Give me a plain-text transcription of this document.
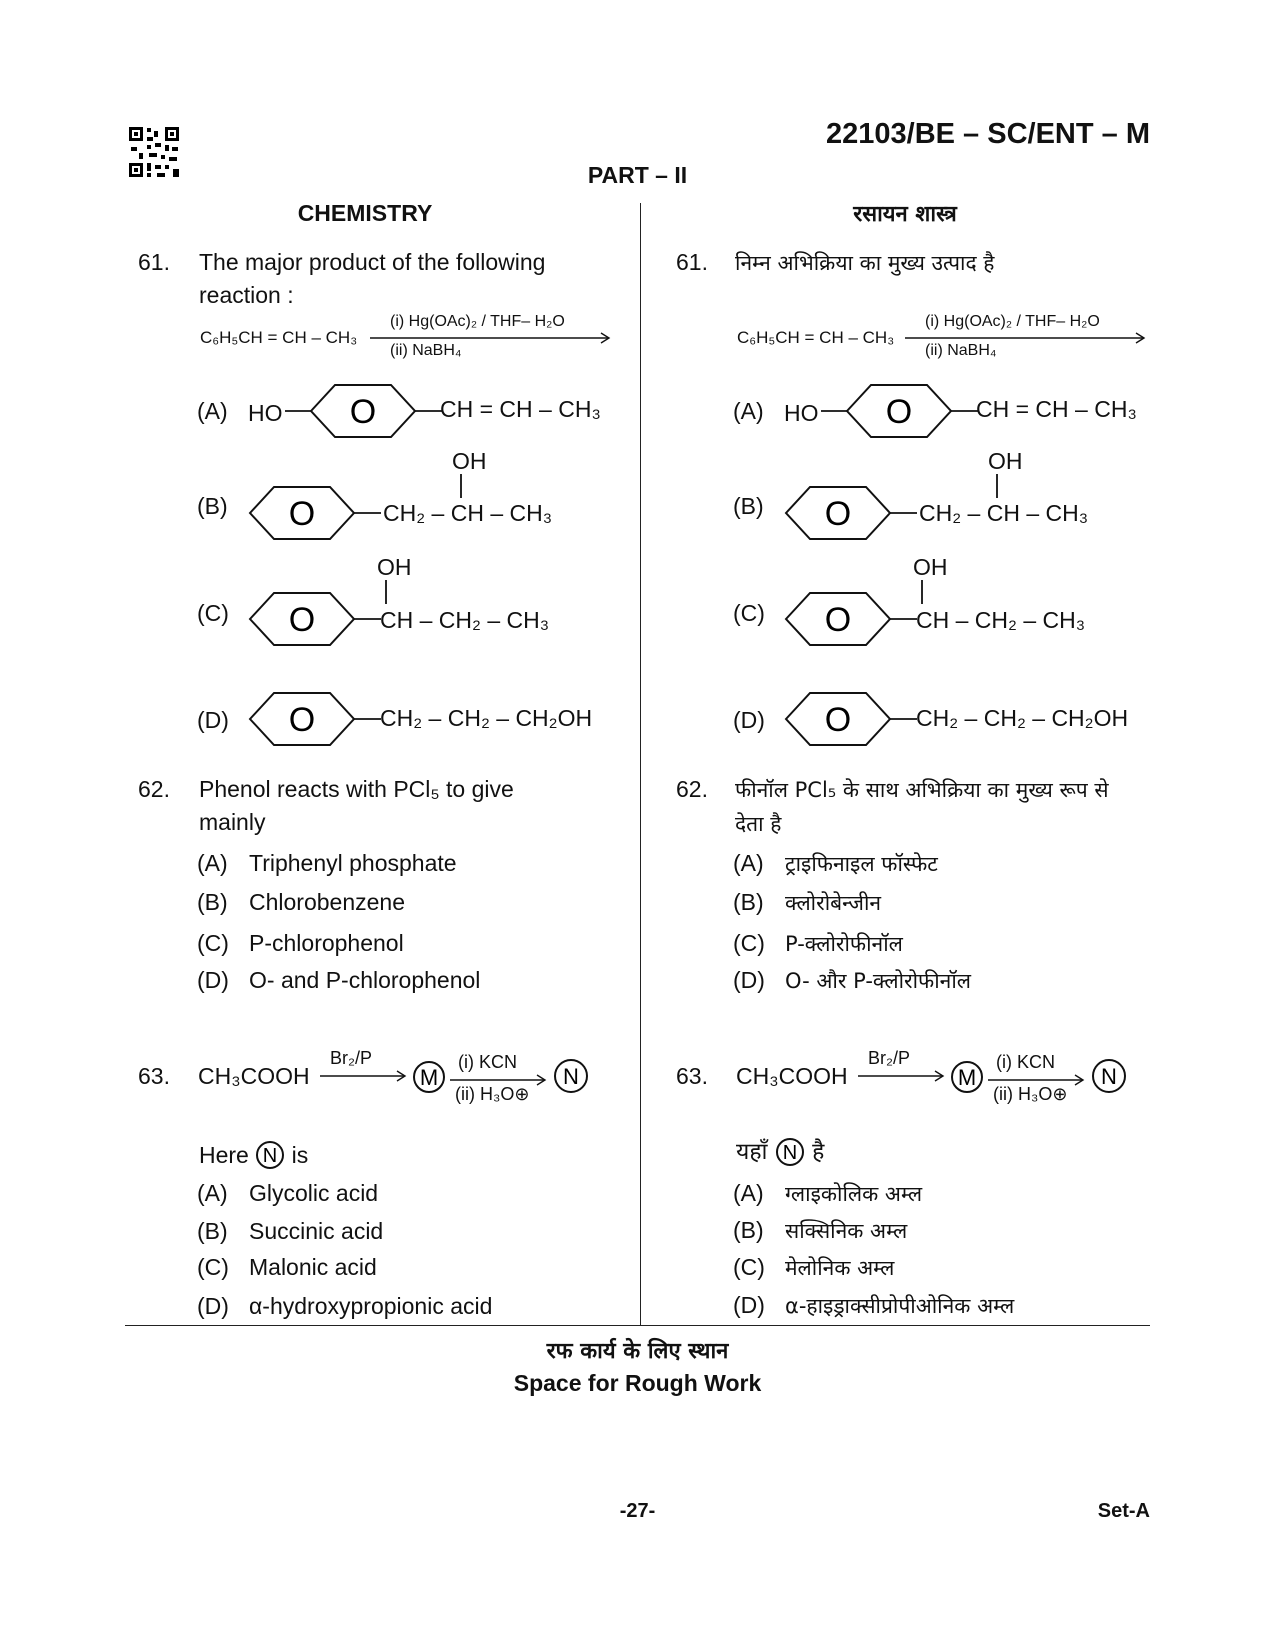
22103/BE – SC/ENT – M
PART – II
CHEMISTRY	रसायन शास्त्र
61. The major product of the following
reaction :
C₆H₅CH = CH – CH₃
(i) Hg(OAc)₂ / THF– H₂O
(ii) NaBH₄
(A) HO O	CH = CH – CH₃
(B) O
OH
CH₂ – CH – CH₃
(C) O
OH
CH – CH₂ – CH₃
(D) O	CH₂ – CH₂ – CH₂OH
62. Phenol reacts with PCl₅ to give
mainly
(A) Triphenyl phosphate
(B) Chlorobenzene
(C) P-chlorophenol
(D) O- and P-chlorophenol
63. CH₃COOH
Br₂/P
M
(i) KCN
(ii) H₃O⊕
N
Here N is
(A) Glycolic acid
(B) Succinic acid
(C) Malonic acid
(D) α-hydroxypropionic acid
61. निम्न अभिक्रिया का मुख्य उत्पाद है
C₆H₅CH = CH – CH₃
(i) Hg(OAc)₂ / THF– H₂O
(ii) NaBH₄
(A) HO O	CH = CH – CH₃
(B) O
OH
CH₂ – CH – CH₃
(C) O
OH
CH – CH₂ – CH₃
(D) O	CH₂ – CH₂ – CH₂OH
62. फीनॉल PCl₅ के साथ अभिक्रिया का मुख्य रूप से
देता है
(A) ट्राइफिनाइल फॉस्फेट
(B) क्लोरोबेन्जीन
(C) P-क्लोरोफीनॉल
(D) O- और P-क्लोरोफीनॉल
63. CH₃COOH
Br₂/P
M
(i) KCN
(ii) H₃O⊕
N
यहाँ N है
(A) ग्लाइकोलिक अम्ल
(B) सक्सिनिक अम्ल
(C) मेलोनिक अम्ल
(D) α-हाइड्राक्सीप्रोपीओनिक अम्ल
रफ कार्य के लिए स्थान
Space for Rough Work
-27-	Set-A
